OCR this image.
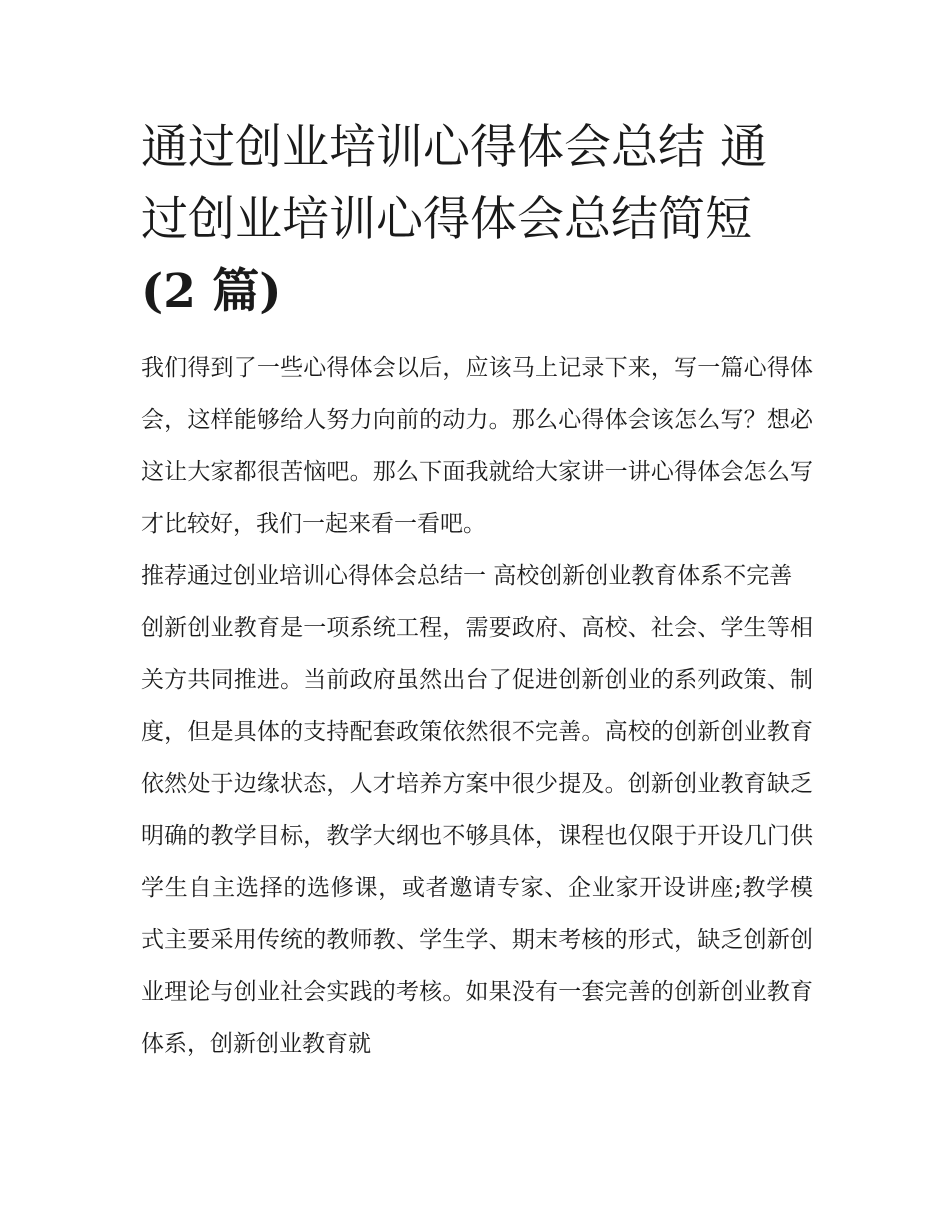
通过创业培训心得体会总结 通过创业培训心得体会总结简短
(2 篇)

我们得到了一些心得体会以后，应该马上记录下来，写一篇心得体会，这样能够给人努力向前的动力。那么心得体会该怎么写？想必这让大家都很苦恼吧。那么下面我就给大家讲一讲心得体会怎么写才比较好，我们一起来看一看吧。

推荐通过创业培训心得体会总结一 高校创新创业教育体系不完善

创新创业教育是一项系统工程，需要政府、高校、社会、学生等相关方共同推进。当前政府虽然出台了促进创新创业的系列政策、制度，但是具体的支持配套政策依然很不完善。高校的创新创业教育依然处于边缘状态，人才培养方案中很少提及。创新创业教育缺乏明确的教学目标，教学大纲也不够具体，课程也仅限于开设几门供学生自主选择的选修课，或者邀请专家、企业家开设讲座;教学模式主要采用传统的教师教、学生学、期末考核的形式，缺乏创新创业理论与创业社会实践的考核。如果没有一套完善的创新创业教育体系，创新创业教育就
